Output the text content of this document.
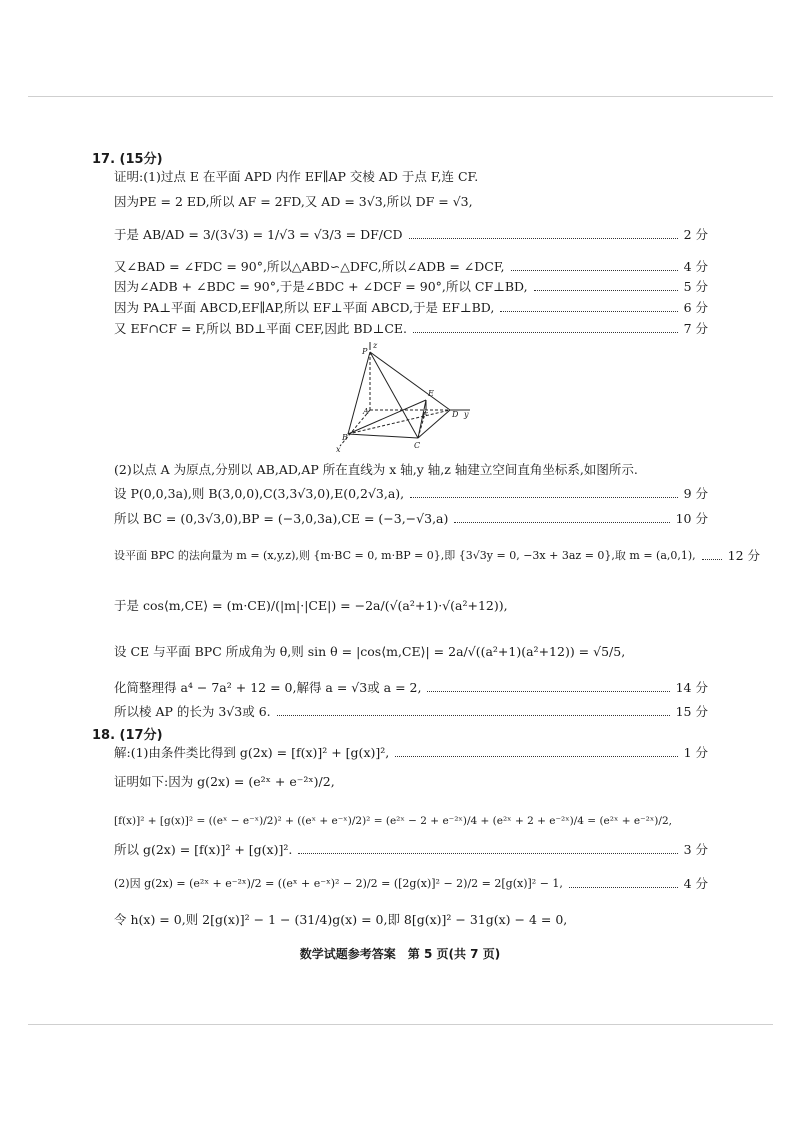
17. (15分)
证明:(1)过点 E 在平面 APD 内作 EF∥AP 交棱 AD 于点 F,连 CF.
因为PE = 2 ED,所以 AF = 2FD,又 AD = 3√3,所以 DF = √3,
于是 AB/AD = 3/(3√3) = 1/√3 = √3/3 = DF/CD	2 分
又∠BAD = ∠FDC = 90°,所以△ABD∽△DFC,所以∠ADB = ∠DCF,	4 分
因为∠ADB + ∠BDC = 90°,于是∠BDC + ∠DCF = 90°,所以 CF⊥BD,	5 分
因为 PA⊥平面 ABCD,EF∥AP,所以 EF⊥平面 ABCD,于是 EF⊥BD,	6 分
又 EF∩CF = F,所以 BD⊥平面 CEF,因此 BD⊥CE.	7 分
P
z
E
A	F	D y
B
C
x
(2)以点 A 为原点,分别以 AB,AD,AP 所在直线为 x 轴,y 轴,z 轴建立空间直角坐标系,如图所示.
设 P(0,0,3a),则 B(3,0,0),C(3,3√3,0),E(0,2√3,a),	9 分
所以 BC = (0,3√3,0),BP = (−3,0,3a),CE = (−3,−√3,a)	10 分
设平面 BPC 的法向量为 m = (x,y,z),则 {m·BC = 0, m·BP = 0},即 {3√3y = 0, −3x + 3az = 0},取 m = (a,0,1),	12 分
于是 cos⟨m,CE⟩ = (m·CE)/(|m|·|CE|) = −2a/(√(a²+1)·√(a²+12)),
设 CE 与平面 BPC 所成角为 θ,则 sin θ = |cos⟨m,CE⟩| = 2a/√((a²+1)(a²+12)) = √5/5,
化简整理得 a⁴ − 7a² + 12 = 0,解得 a = √3或 a = 2,	14 分
所以棱 AP 的长为 3√3或 6.	15 分
18. (17分)
解:(1)由条件类比得到 g(2x) = [f(x)]² + [g(x)]²,	1 分
证明如下:因为 g(2x) = (e²ˣ + e⁻²ˣ)/2,
[f(x)]² + [g(x)]² = ((eˣ − e⁻ˣ)/2)² + ((eˣ + e⁻ˣ)/2)² = (e²ˣ − 2 + e⁻²ˣ)/4 + (e²ˣ + 2 + e⁻²ˣ)/4 = (e²ˣ + e⁻²ˣ)/2,
所以 g(2x) = [f(x)]² + [g(x)]².	3 分
(2)因 g(2x) = (e²ˣ + e⁻²ˣ)/2 = ((eˣ + e⁻ˣ)² − 2)/2 = ([2g(x)]² − 2)/2 = 2[g(x)]² − 1,	4 分
令 h(x) = 0,则 2[g(x)]² − 1 − (31/4)g(x) = 0,即 8[g(x)]² − 31g(x) − 4 = 0,
数学试题参考答案　第 5 页(共 7 页)
